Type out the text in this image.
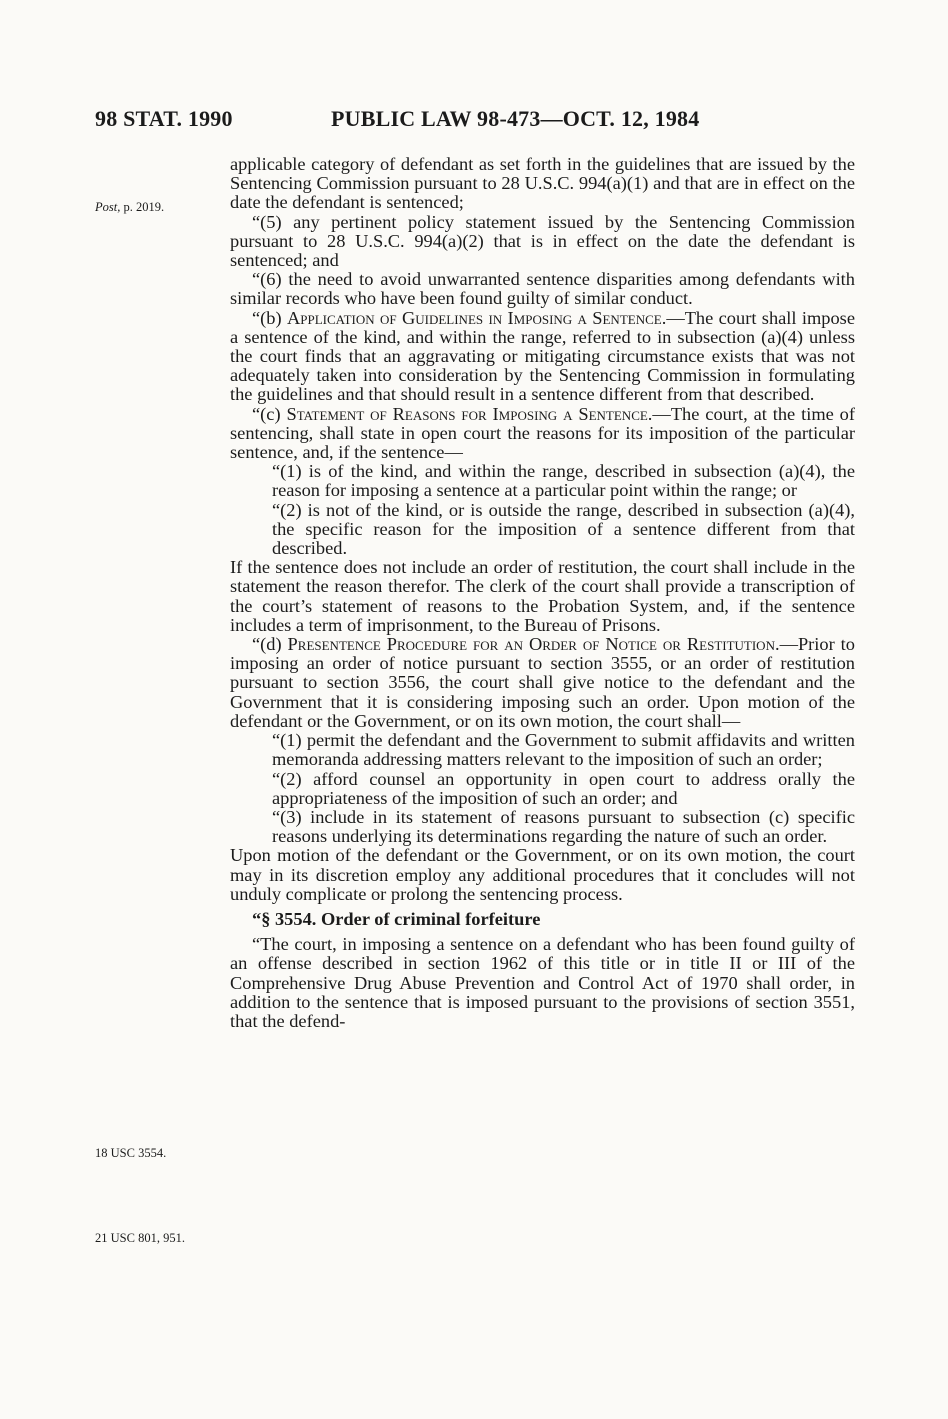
98 STAT. 1990	PUBLIC LAW 98-473—OCT. 12, 1984
Post, p. 2019.
18 USC 3554.
21 USC 801, 951.

applicable category of defendant as set forth in the guidelines that are issued by the Sentencing Commission pursuant to 28 U.S.C. 994(a)(1) and that are in effect on the date the defendant is sentenced;

“(5) any pertinent policy statement issued by the Sentencing Commission pursuant to 28 U.S.C. 994(a)(2) that is in effect on the date the defendant is sentenced; and

“(6) the need to avoid unwarranted sentence disparities among defendants with similar records who have been found guilty of similar conduct.

“(b) Application of Guidelines in Imposing a Sentence.—The court shall impose a sentence of the kind, and within the range, referred to in subsection (a)(4) unless the court finds that an aggravating or mitigating circumstance exists that was not adequately taken into consideration by the Sentencing Commission in formulating the guidelines and that should result in a sentence different from that described.

“(c) Statement of Reasons for Imposing a Sentence.—The court, at the time of sentencing, shall state in open court the reasons for its imposition of the particular sentence, and, if the sentence—

“(1) is of the kind, and within the range, described in subsection (a)(4), the reason for imposing a sentence at a particular point within the range; or

“(2) is not of the kind, or is outside the range, described in subsection (a)(4), the specific reason for the imposition of a sentence different from that described.

If the sentence does not include an order of restitution, the court shall include in the statement the reason therefor. The clerk of the court shall provide a transcription of the court’s statement of reasons to the Probation System, and, if the sentence includes a term of imprisonment, to the Bureau of Prisons.

“(d) Presentence Procedure for an Order of Notice or Restitution.—Prior to imposing an order of notice pursuant to section 3555, or an order of restitution pursuant to section 3556, the court shall give notice to the defendant and the Government that it is considering imposing such an order. Upon motion of the defendant or the Government, or on its own motion, the court shall—

“(1) permit the defendant and the Government to submit affidavits and written memoranda addressing matters relevant to the imposition of such an order;

“(2) afford counsel an opportunity in open court to address orally the appropriateness of the imposition of such an order; and

“(3) include in its statement of reasons pursuant to subsection (c) specific reasons underlying its determinations regarding the nature of such an order.

Upon motion of the defendant or the Government, or on its own motion, the court may in its discretion employ any additional procedures that it concludes will not unduly complicate or prolong the sentencing process.

“§ 3554. Order of criminal forfeiture

“The court, in imposing a sentence on a defendant who has been found guilty of an offense described in section 1962 of this title or in title II or III of the Comprehensive Drug Abuse Prevention and Control Act of 1970 shall order, in addition to the sentence that is imposed pursuant to the provisions of section 3551, that the defend-
